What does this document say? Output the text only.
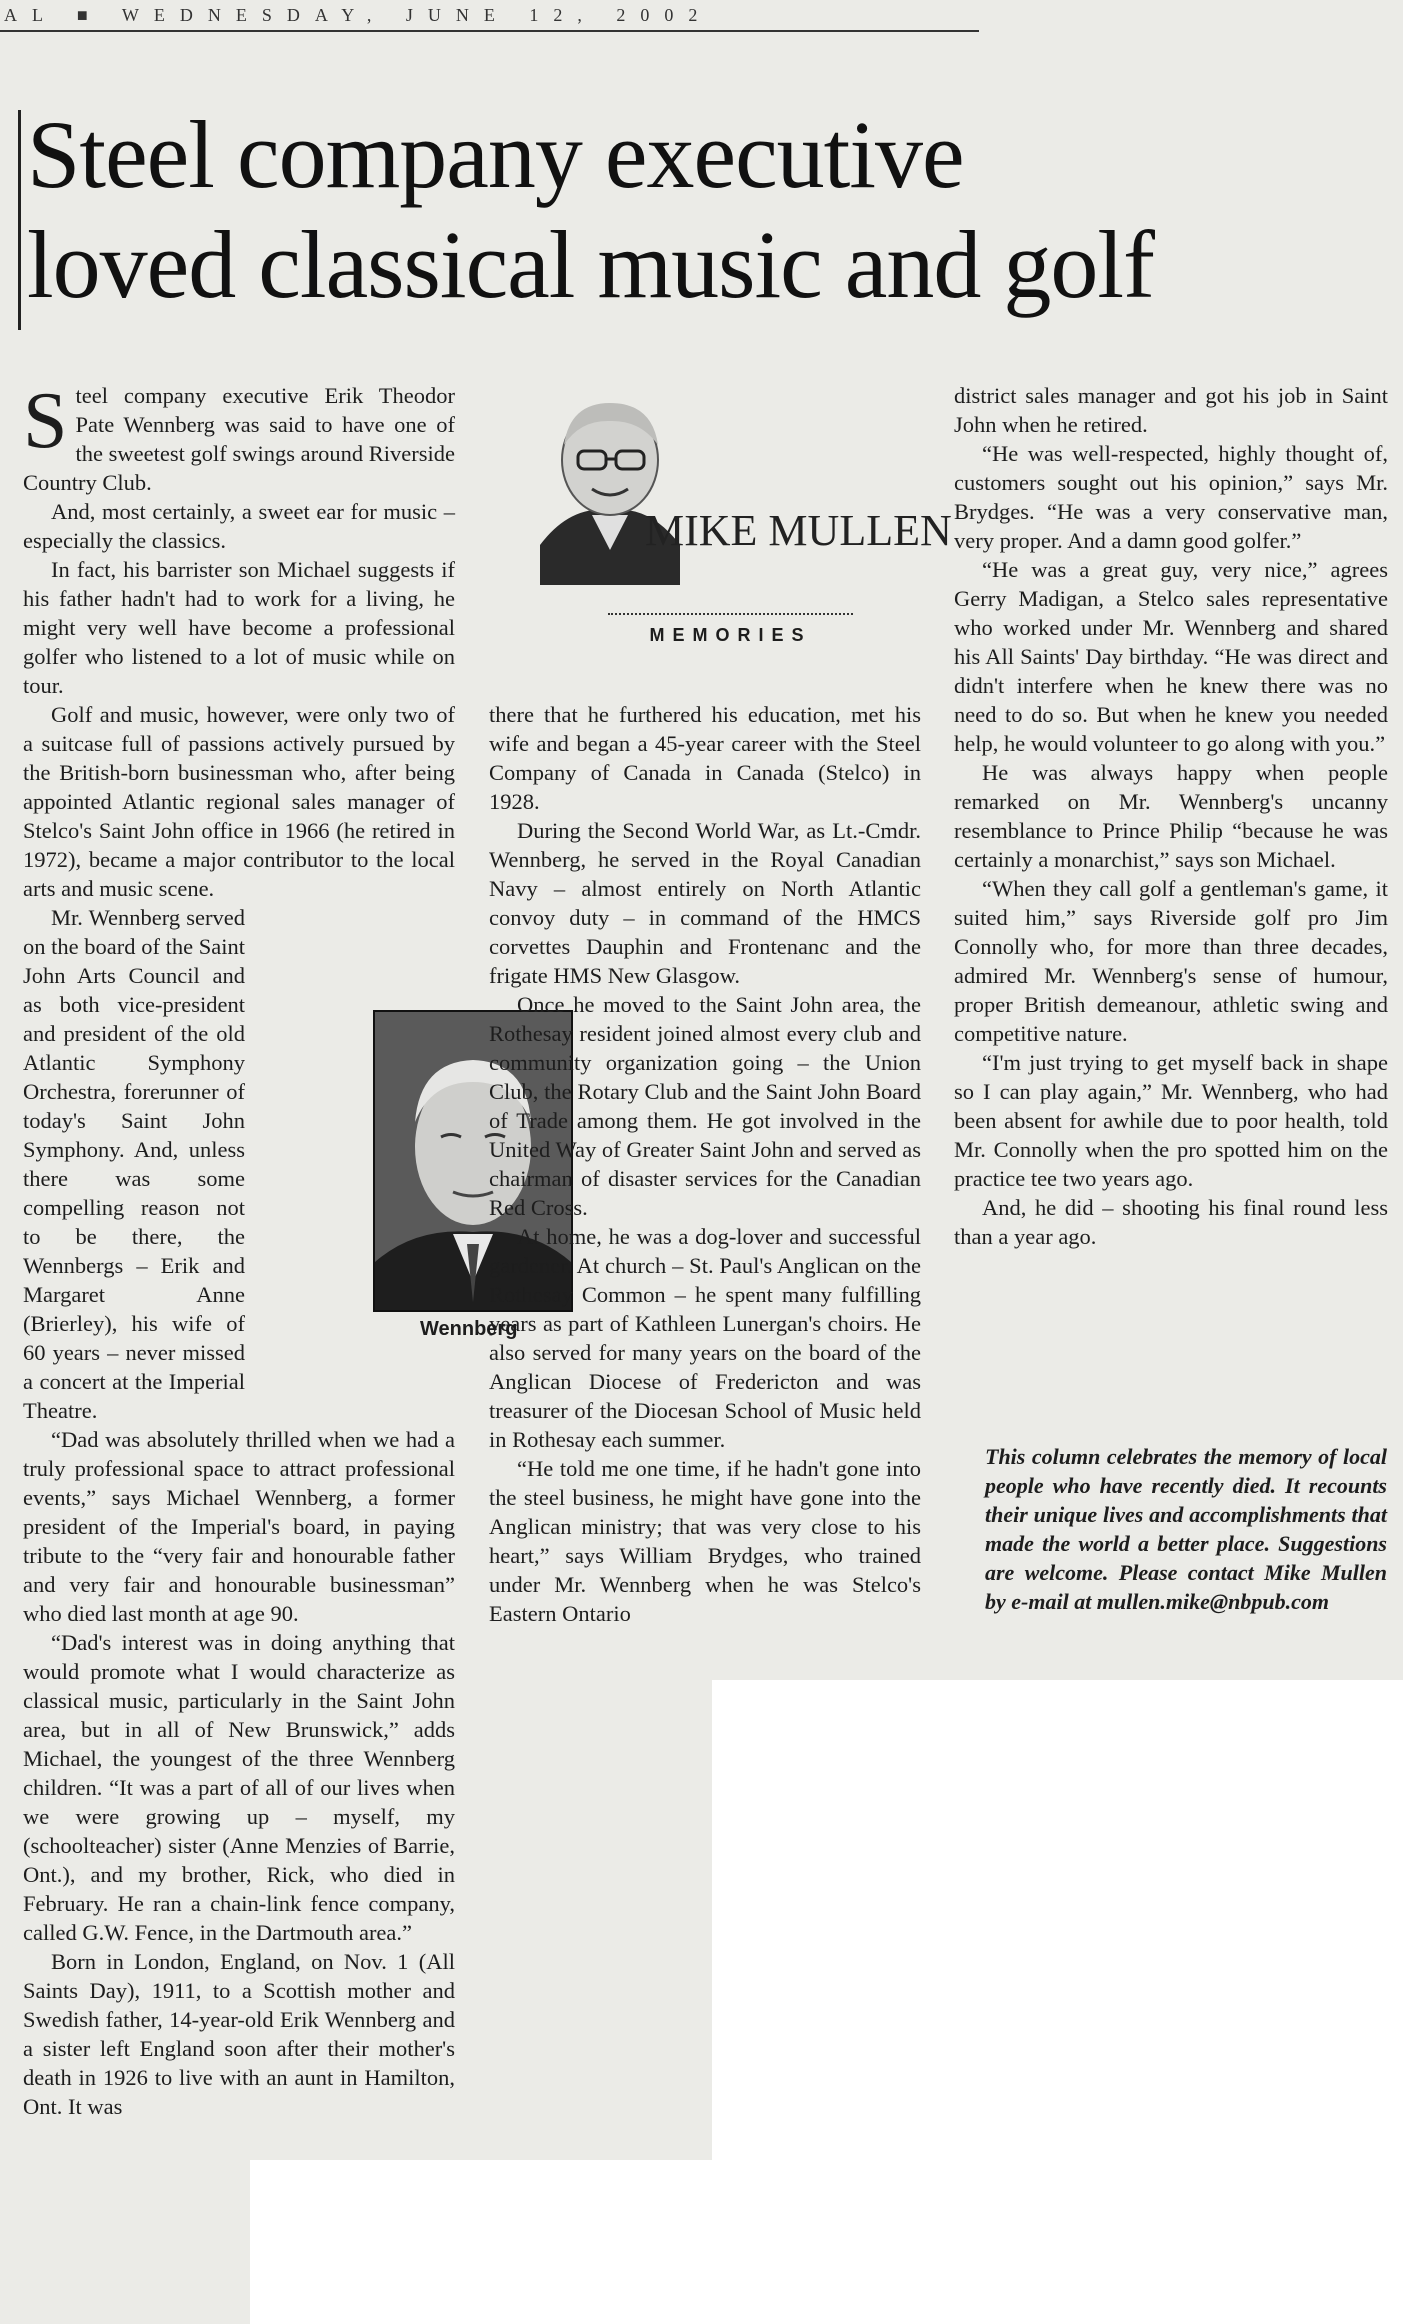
AL ■ WEDNESDAY, JUNE 12, 2002
Steel company executive
loved classical music and golf
MIKE MULLEN
MEMORIES
Wennberg

Steel company executive Erik Theodor Pate Wennberg was said to have one of the sweetest golf swings around Riverside Country Club.

And, most certainly, a sweet ear for music – especially the classics.

In fact, his barrister son Michael suggests if his father hadn't had to work for a living, he might very well have become a professional golfer who listened to a lot of music while on tour.

Golf and music, however, were only two of a suitcase full of passions actively pursued by the British-born businessman who, after being appointed Atlantic regional sales manager of Stelco's Saint John office in 1966 (he retired in 1972), became a major contributor to the local arts and music scene.

Mr. Wennberg served on the board of the Saint John Arts Council and as both vice-president and president of the old Atlantic Symphony Orchestra, forerunner of today's Saint John Symphony. And, unless there was some compelling reason not to be there, the Wennbergs – Erik and Margaret Anne (Brierley), his wife of 60 years – never missed a concert at the Imperial Theatre.

“Dad was absolutely thrilled when we had a truly professional space to attract professional events,” says Michael Wennberg, a former president of the Imperial's board, in paying tribute to the “very fair and honourable father and very fair and honourable businessman” who died last month at age 90.

“Dad's interest was in doing anything that would promote what I would characterize as classical music, particularly in the Saint John area, but in all of New Brunswick,” adds Michael, the youngest of the three Wennberg children. “It was a part of all of our lives when we were growing up – myself, my (schoolteacher) sister (Anne Menzies of Barrie, Ont.), and my brother, Rick, who died in February. He ran a chain-link fence company, called G.W. Fence, in the Dartmouth area.”

Born in London, England, on Nov. 1 (All Saints Day), 1911, to a Scottish mother and Swedish father, 14-year-old Erik Wennberg and a sister left England soon after their mother's death in 1926 to live with an aunt in Hamilton, Ont. It was

there that he furthered his education, met his wife and began a 45-year career with the Steel Company of Canada in Canada (Stelco) in 1928.

During the Second World War, as Lt.-Cmdr. Wennberg, he served in the Royal Canadian Navy – almost entirely on North Atlantic convoy duty – in command of the HMCS corvettes Dauphin and Frontenanc and the frigate HMS New Glasgow.

Once he moved to the Saint John area, the Rothesay resident joined almost every club and community organization going – the Union Club, the Rotary Club and the Saint John Board of Trade among them. He got involved in the United Way of Greater Saint John and served as chairman of disaster services for the Canadian Red Cross.

At home, he was a dog-lover and successful gardener. At church – St. Paul's Anglican on the Rothesay Common – he spent many fulfilling years as part of Kathleen Lunergan's choirs. He also served for many years on the board of the Anglican Diocese of Fredericton and was treasurer of the Diocesan School of Music held in Rothesay each summer.

“He told me one time, if he hadn't gone into the steel business, he might have gone into the Anglican ministry; that was very close to his heart,” says William Brydges, who trained under Mr. Wennberg when he was Stelco's Eastern Ontario

district sales manager and got his job in Saint John when he retired.

“He was well-respected, highly thought of, customers sought out his opinion,” says Mr. Brydges. “He was a very conservative man, very proper. And a damn good golfer.”

“He was a great guy, very nice,” agrees Gerry Madigan, a Stelco sales representative who worked under Mr. Wennberg and shared his All Saints' Day birthday. “He was direct and didn't interfere when he knew there was no need to do so. But when he knew you needed help, he would volunteer to go along with you.”

He was always happy when people remarked on Mr. Wennberg's uncanny resemblance to Prince Philip “because he was certainly a monarchist,” says son Michael.

“When they call golf a gentleman's game, it suited him,” says Riverside golf pro Jim Connolly who, for more than three decades, admired Mr. Wennberg's sense of humour, proper British demeanour, athletic swing and competitive nature.

“I'm just trying to get myself back in shape so I can play again,” Mr. Wennberg, who had been absent for awhile due to poor health, told Mr. Connolly when the pro spotted him on the practice tee two years ago.

And, he did – shooting his final round less than a year ago.

This column celebrates the memory of local people who have recently died. It recounts their unique lives and accomplishments that made the world a better place. Suggestions are welcome. Please contact Mike Mullen by e-mail at mullen.mike@nbpub.com
